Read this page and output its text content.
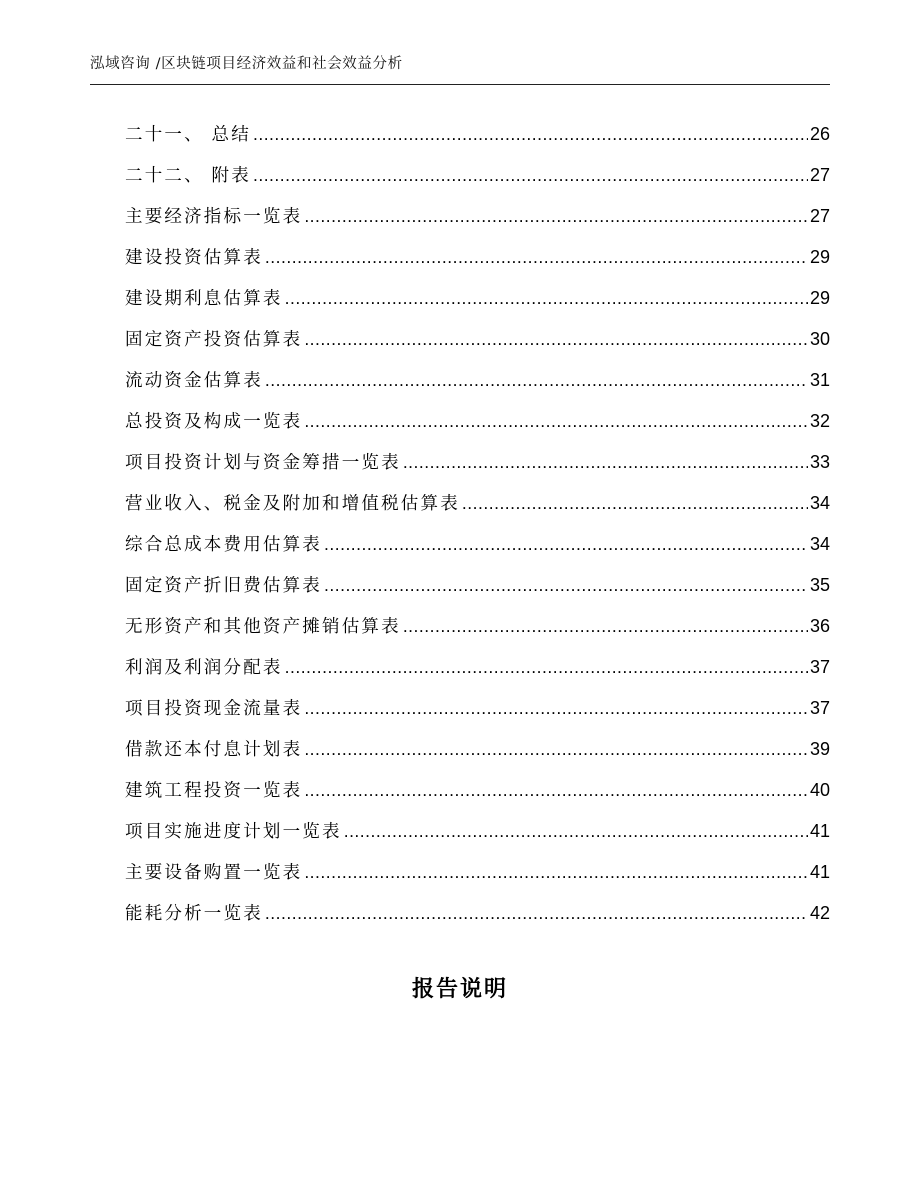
泓域咨询 /区块链项目经济效益和社会效益分析
二十一、 总结 .....	26
二十二、 附表 .....	27
主要经济指标一览表 .....	27
建设投资估算表 .....	29
建设期利息估算表 .....	29
固定资产投资估算表 .....	30
流动资金估算表 .....	31
总投资及构成一览表 .....	32
项目投资计划与资金筹措一览表 .....	33
营业收入、税金及附加和增值税估算表 .....	34
综合总成本费用估算表 .....	34
固定资产折旧费估算表 .....	35
无形资产和其他资产摊销估算表 .....	36
利润及利润分配表 .....	37
项目投资现金流量表 .....	37
借款还本付息计划表 .....	39
建筑工程投资一览表 .....	40
项目实施进度计划一览表 .....	41
主要设备购置一览表 .....	41
能耗分析一览表 .....	42
报告说明
